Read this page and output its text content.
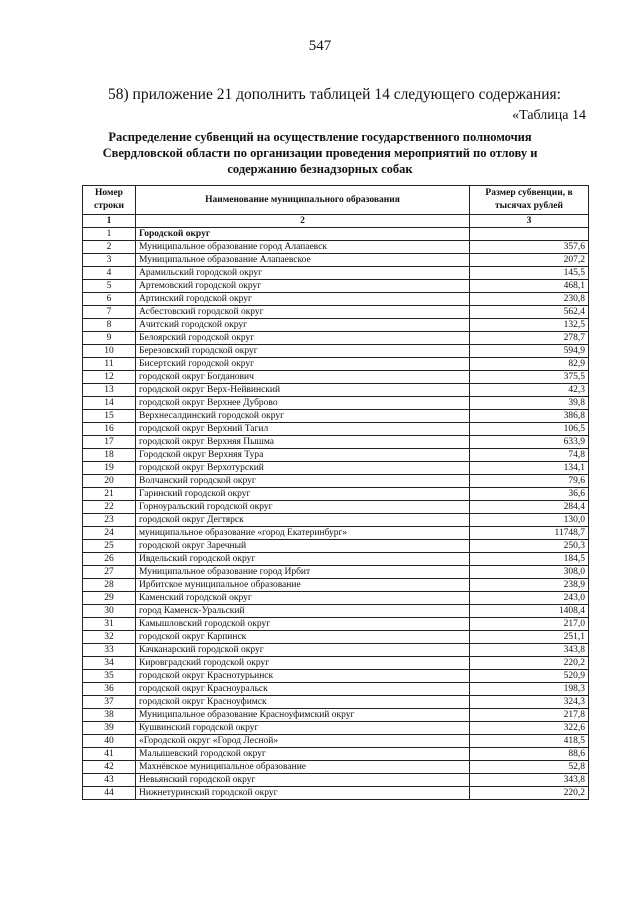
547
58) приложение 21 дополнить таблицей 14 следующего содержания:
«Таблица 14
Распределение субвенций на осуществление государственного полномочия Свердловской области по организации проведения мероприятий по отлову и содержанию безнадзорных собак
Номер строки	Наименование муниципального образования	Размер субвенции, в тысячах рублей
1	2	3
1	Городской округ	
2	Муниципальное образование город Алапаевск	357,6
3	Муниципальное образование Алапаевское	207,2
4	Арамильский городской округ	145,5
5	Артемовский городской округ	468,1
6	Артинский городской округ	230,8
7	Асбестовский городской округ	562,4
8	Ачитский городской округ	132,5
9	Белоярский городской округ	278,7
10	Березовский городской округ	594,9
11	Бисертский городской округ	82,9
12	городской округ Богданович	375,5
13	городской округ Верх-Нейвинский	42,3
14	городской округ Верхнее Дуброво	39,8
15	Верхнесалдинский городской округ	386,8
16	городской округ Верхний Тагил	106,5
17	городской округ Верхняя Пышма	633,9
18	Городской округ Верхняя Тура	74,8
19	городской округ Верхотурский	134,1
20	Волчанский городской округ	79,6
21	Гаринский городской округ	36,6
22	Горноуральский городской округ	284,4
23	городской округ Дегтярск	130,0
24	муниципальное образование «город Екатеринбург»	11748,7
25	городской округ Заречный	250,3
26	Ивдельский городской округ	184,5
27	Муниципальное образование город Ирбит	308,0
28	Ирбитское муниципальное образование	238,9
29	Каменский городской округ	243,0
30	город Каменск-Уральский	1408,4
31	Камышловский городской округ	217,0
32	городской округ Карпинск	251,1
33	Качканарский городской округ	343,8
34	Кировградский городской округ	220,2
35	городской округ Краснотурьинск	520,9
36	городской округ Красноуральск	198,3
37	городской округ Красноуфимск	324,3
38	Муниципальное образование Красноуфимский округ	217,8
39	Кушвинский городской округ	322,6
40	«Городской округ «Город Лесной»	418,5
41	Малышевский городской округ	88,6
42	Махнёвское муниципальное образование	52,8
43	Невьянский городской округ	343,8
44	Нижнетуринский городской округ	220,2
